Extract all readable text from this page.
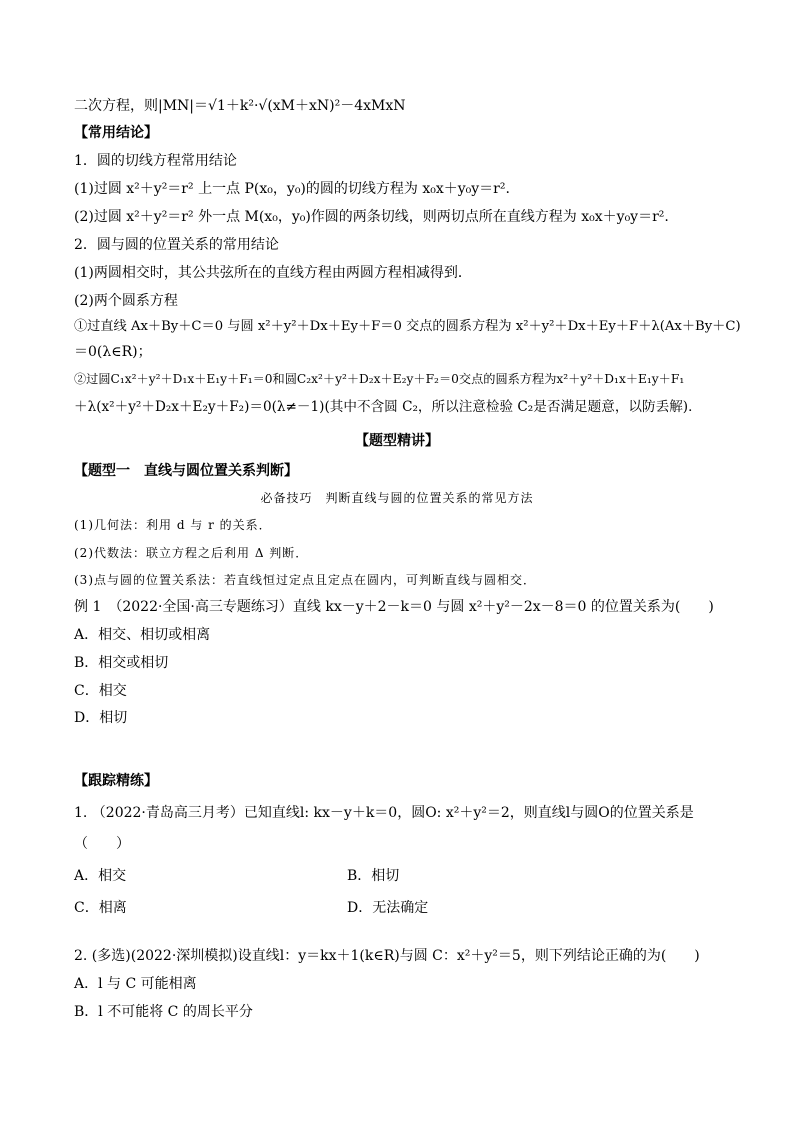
二次方程，则|MN|＝√1＋k²·√(xM＋xN)²－4xMxN
【常用结论】
1．圆的切线方程常用结论
(1)过圆 x²＋y²＝r² 上一点 P(x₀，y₀)的圆的切线方程为 x₀x＋y₀y＝r².
(2)过圆 x²＋y²＝r² 外一点 M(x₀，y₀)作圆的两条切线，则两切点所在直线方程为 x₀x＋y₀y＝r².
2．圆与圆的位置关系的常用结论
(1)两圆相交时，其公共弦所在的直线方程由两圆方程相减得到．
(2)两个圆系方程
①过直线 Ax＋By＋C＝0 与圆 x²＋y²＋Dx＋Ey＋F＝0 交点的圆系方程为 x²＋y²＋Dx＋Ey＋F＋λ(Ax＋By＋C)
＝0(λ∈R)；
②过圆C₁x²＋y²＋D₁x＋E₁y＋F₁＝0和圆C₂x²＋y²＋D₂x＋E₂y＋F₂＝0交点的圆系方程为x²＋y²＋D₁x＋E₁y＋F₁
＋λ(x²＋y²＋D₂x＋E₂y＋F₂)＝0(λ≠－1)(其中不含圆 C₂，所以注意检验 C₂是否满足题意，以防丢解)．
【题型精讲】
【题型一　直线与圆位置关系判断】
必备技巧　判断直线与圆的位置关系的常见方法
(1)几何法：利用 d 与 r 的关系．
(2)代数法：联立方程之后利用 Δ 判断．
(3)点与圆的位置关系法：若直线恒过定点且定点在圆内，可判断直线与圆相交．
例 1　（2022·全国·高三专题练习）直线 kx－y＋2－k＝0 与圆 x²＋y²－2x－8＝0 的位置关系为(　　)
A．相交、相切或相离
B．相交或相切
C．相交
D．相切
【跟踪精练】
1. （2022·青岛高三月考）已知直线l: kx－y＋k＝0，圆O: x²＋y²＝2，则直线l与圆O的位置关系是
（　　）
A．相交	B．相切
C．相离	D．无法确定
2. (多选)(2022·深圳模拟)设直线l：y＝kx＋1(k∈R)与圆 C：x²＋y²＝5，则下列结论正确的为(　　)
A．l 与 C 可能相离
B．l 不可能将 C 的周长平分
